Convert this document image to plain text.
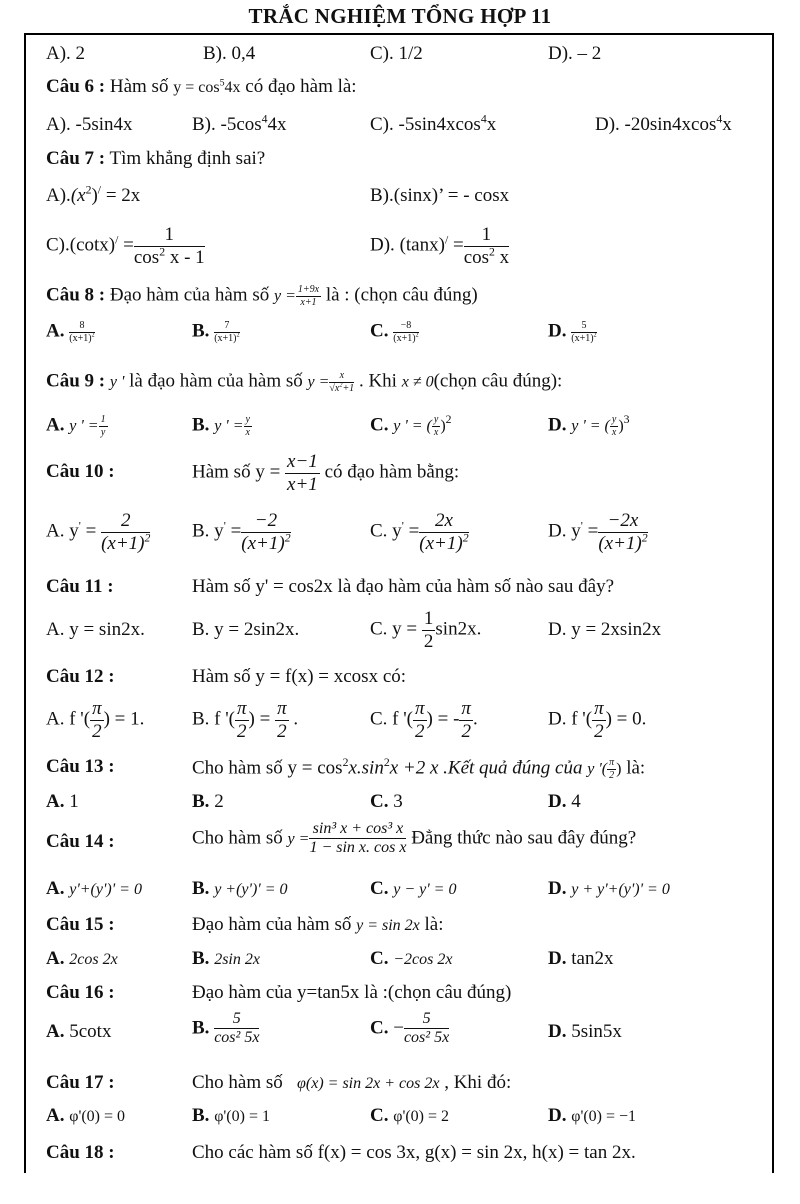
TRẮC NGHIỆM TỔNG HỢP 11
A). 2	B). 0,4	C). 1/2	D). – 2
Câu 6 : Hàm số $y = \cos^54x$ có đạo hàm là:
A). -5sin4x	B). $-5\cos^44x$	C). -5sin4xcos$^4$x	D). -20sin4xcos$^4$x
Câu 7 : Tìm khẳng định sai?
$A).(x^2)^/ = 2x$	B).(sinx)’ = - cosx
$C).(\cot x)^/ = \frac{1}{\cos^2 x - 1}$	D). $(\tan x)^/ = \frac{1}{\cos^2 x}$
Câu 8 : Đạo hàm của hàm số $y = \frac{1+9x}{x+1}$ là : (chọn câu đúng)
A. $\frac{8}{(x+1)^2}$	B. $\frac{7}{(x+1)^2}$	C. $\frac{-8}{(x+1)^2}$	D. $\frac{5}{(x+1)^2}$
Câu 9 : y ' là đạo hàm của hàm số $y = \frac{x}{√x^2+1}$ . Khi x ≠ 0(chọn câu đúng):
A. y ' = $\frac{1}{y}$	B. y ' = $\frac{y}{x}$	C. y ' = ( $\frac{y}{x} )^2$	D. y ' = ( $\frac{y}{x} )^3$
Câu 10 :	Hàm số $y = \frac{x-1}{x+1}$ có đạo hàm bằng:
A. $y' = \frac{2}{(x+1)^2} B$. $y' = \frac{-2}{(x+1)^2}$	C. $y' = \frac{2x}{(x+1)^2}$	D. $y' = \frac{-2x}{(x+1)^2}$
Câu 11 :	Hàm số y' = cos2x là đạo hàm của hàm số nào sau đây?
A. y = sin2x. B. y = 2sin2x.	C. $y = \frac{1}{2} \sin 2x$.	D. y = 2xsin2x
Câu 12 :	Hàm số y = f(x) = xcosx có:
A. f '( $\frac{\pi}{2}$ ) = 1.	B. f '( $\frac{\pi}{2}$ ) = $\frac{\pi}{2}$ .	C. f '( $\frac{\pi}{2}$ ) = - $\frac{\pi}{2}$ .	D. f '( $\frac{\pi}{2}$ ) = 0.
Câu 13 :	Cho hàm số $y = \cos^2x.\sin^2x +2$ x .Kết quả đúng của y '( $\frac{\pi}{2}$ ) là:
A. 1	B. 2	C. 3	D. 4
Câu 14 :	Cho hàm số $y = \frac{\text{sin³ x + cos³ x}}{\text{1 − sin x. cos x}}$ Đẳng thức nào sau đây đúng?
A. y'+(y')' = 0	B. y +(y')' = 0	C. y − y' = 0	D. y + y'+(y')' = 0
Câu 15 :	Đạo hàm của hàm số y = sin 2x là:
A. 2cos 2x	B. 2sin 2x	C. −2cos 2x	D. tan2x
Câu 16 :	Đạo hàm của y=tan5x là :(chọn câu đúng)
A. 5cotx	B. $\frac{5}{\text{cos² 5x}}$	C. − $\frac{5}{\text{cos² 5x}}$	D. 5sin5x
Câu 17 :	Cho hàm số φ(x) = sin 2x + cos 2x , Khi đó:
A. φ'(0) = 0	B. φ'(0) = 1	C. φ'(0) = 2	D. φ'(0) = −1
Câu 18 :	Cho các hàm số f(x) = cos 3x, g(x) = sin 2x, h(x) = tan 2x.
